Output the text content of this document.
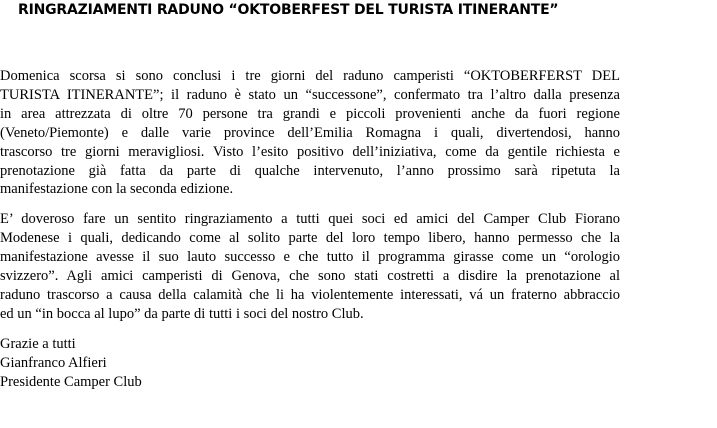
RINGRAZIAMENTI RADUNO “OKTOBERFEST DEL TURISTA ITINERANTE”

Domenica scorsa si sono conclusi i tre giorni del raduno camperisti “OKTOBERFERST DEL
TURISTA ITINERANTE”; il raduno è stato un “successone”, confermato tra l’altro dalla presenza
in area attrezzata di oltre 70 persone tra grandi e piccoli provenienti anche da fuori regione
(Veneto/Piemonte) e dalle varie province dell’Emilia Romagna i quali, divertendosi, hanno
trascorso tre giorni meravigliosi. Visto l’esito positivo dell’iniziativa, come da gentile richiesta e
prenotazione già fatta da parte di qualche intervenuto, l’anno prossimo sarà ripetuta la
manifestazione con la seconda edizione.

E’ doveroso fare un sentito ringraziamento a tutti quei soci ed amici del Camper Club Fiorano
Modenese i quali, dedicando come al solito parte del loro tempo libero, hanno permesso che la
manifestazione avesse il suo lauto successo e che tutto il programma girasse come un “orologio
svizzero”. Agli amici camperisti di Genova, che sono stati costretti a disdire la prenotazione al
raduno trascorso a causa della calamità che li ha violentemente interessati, vá un fraterno abbraccio
ed un “in bocca al lupo” da parte di tutti i soci del nostro Club.

Grazie a tutti
Gianfranco Alfieri
Presidente Camper Club
